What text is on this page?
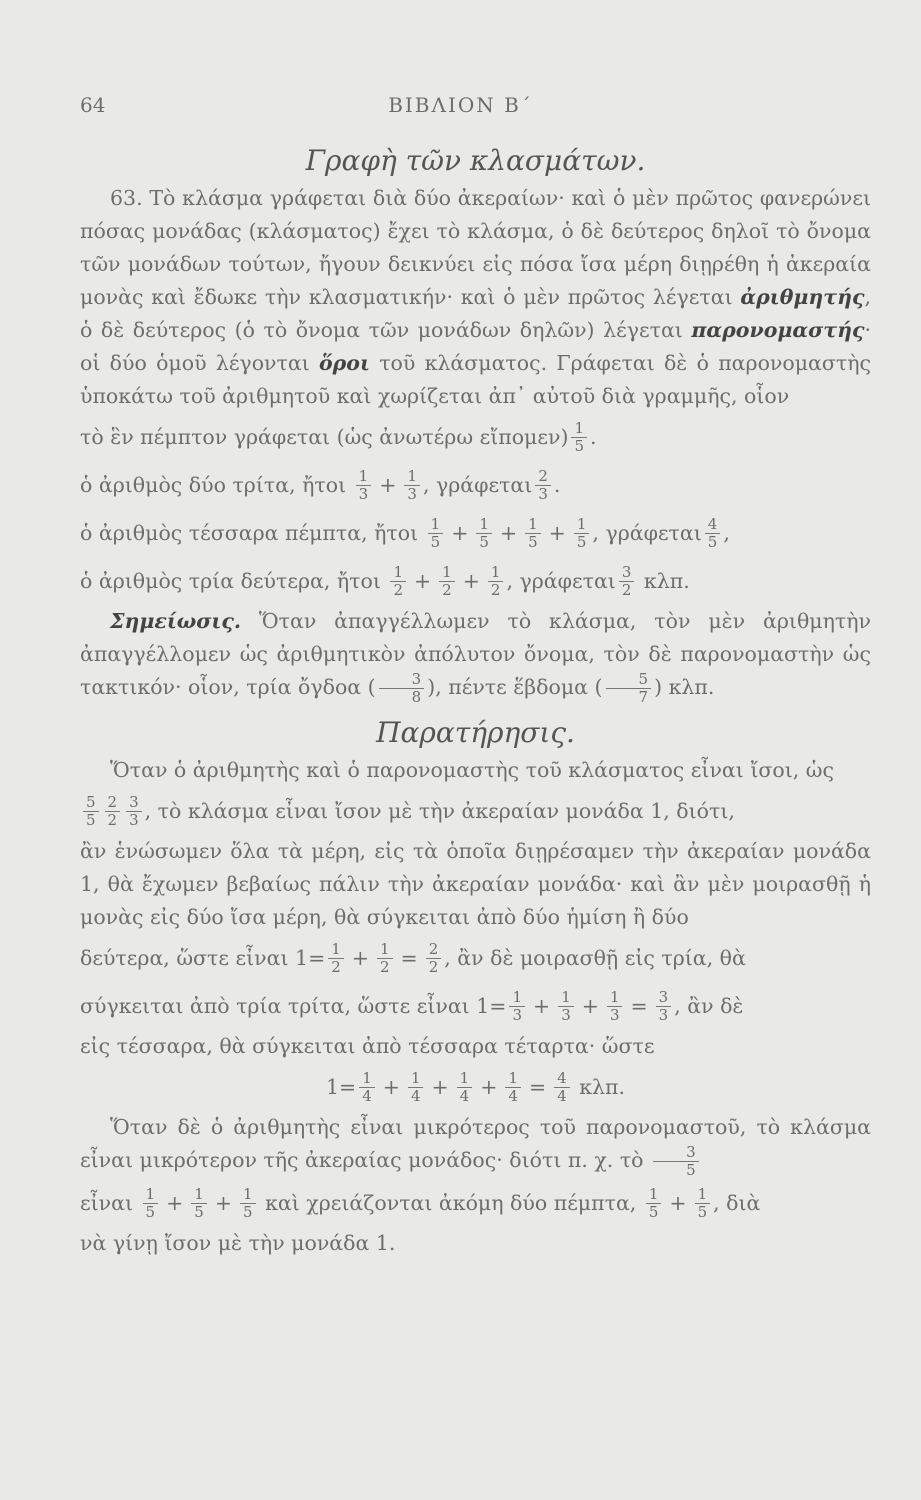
64	ΒΙΒΛΙΟΝ Β΄
Γραφὴ τῶν κλασμάτων.

63. Τὸ κλάσμα γράφεται διὰ δύο ἀκεραίων· καὶ ὁ μὲν πρῶτος φανερώνει πόσας μονάδας (κλάσματος) ἔχει τὸ κλάσμα, ὁ δὲ δεύτερος δηλοῖ τὸ ὄνομα τῶν μονάδων τούτων, ἤγουν δεικνύει εἰς πόσα ἴσα μέρη διῃρέθη ἡ ἀκεραία μονὰς καὶ ἔδωκε τὴν κλασματικήν· καὶ ὁ μὲν πρῶτος λέγεται ἀριθμητής, ὁ δὲ δεύτερος (ὁ τὸ ὄνομα τῶν μονάδων δηλῶν) λέγεται παρονομαστής· οἱ δύο ὁμοῦ λέγονται ὅροι τοῦ κλάσματος. Γράφεται δὲ ὁ παρονομαστὴς ὑποκάτω τοῦ ἀριθμητοῦ καὶ χωρίζεται ἀπ᾽ αὐτοῦ διὰ γραμμῆς, οἷον

τὸ ἓν πέμπτον γράφεται (ὡς ἀνωτέρω εἴπομεν) $\frac{1}{5}$ .
ὁ ἀριθμὸς δύο τρίτα, ἤτοι
$\frac{1}{3} + \frac{1}{3}$ , γράφεται $\frac{2}{3}$ .
ὁ ἀριθμὸς τέσσαρα πέμπτα, ἤτοι
$\frac{1}{5} + \frac{1}{5} + \frac{1}{5} + \frac{1}{5}$ , γράφεται $\frac{4}{5}$ ,
ὁ ἀριθμὸς τρία δεύτερα, ἤτοι
$\frac{1}{2} + \frac{1}{2} + \frac{1}{2}$ , γράφεται $\frac{3}{2}$
κλπ.

Σημείωσις. Ὅταν ἀπαγγέλλωμεν τὸ κλάσμα, τὸν μὲν ἀριθμητὴν ἀπαγγέλλομεν ὡς ἀριθμητικὸν ἀπόλυτον ὄνομα, τὸν δὲ παρονομαστὴν ὡς τακτικόν· οἷον, τρία ὄγδοα ( $\frac{3}{8}$ ), πέντε ἕβδομα ( $\frac{5}{7}$ ) κλπ.

Παρατήρησις.

Ὅταν ὁ ἀριθμητὴς καὶ ὁ παρονομαστὴς τοῦ κλάσματος εἶναι ἴσοι, ὡς

$\frac{5}{5} \frac{2}{2} \frac{3}{3}$ , τὸ κλάσμα εἶναι ἴσον μὲ τὴν ἀκεραίαν μονάδα 1, διότι,

ἂν ἑνώσωμεν ὅλα τὰ μέρη, εἰς τὰ ὁποῖα διῃρέσαμεν τὴν ἀκεραίαν μονάδα 1, θὰ ἔχωμεν βεβαίως πάλιν τὴν ἀκεραίαν μονάδα· καὶ ἂν μὲν μοιρασθῇ ἡ μονὰς εἰς δύο ἴσα μέρη, θὰ σύγκειται ἀπὸ δύο ἡμίση ἢ δύο

δεύτερα, ὥστε εἶναι $1= \frac{1}{2} + \frac{1}{2} = \frac{2}{2}$ , ἂν δὲ μοιρασθῇ εἰς τρία, θὰ
σύγκειται ἀπὸ τρία τρίτα, ὥστε εἶναι $1= \frac{1}{3} + \frac{1}{3} + \frac{1}{3} = \frac{3}{3}$ , ἂν δὲ

εἰς τέσσαρα, θὰ σύγκειται ἀπὸ τέσσαρα τέταρτα· ὥστε

$1= \frac{1}{4} + \frac{1}{4} + \frac{1}{4} + \frac{1}{4} = \frac{4}{4}$
κλπ.

Ὅταν δὲ ὁ ἀριθμητὴς εἶναι μικρότερος τοῦ παρονομαστοῦ, τὸ κλάσμα εἶναι μικρότερον τῆς ἀκεραίας μονάδος· διότι π. χ. τὸ $\frac{3}{5}$

εἶναι
$\frac{1}{5} + \frac{1}{5} + \frac{1}{5}$
καὶ χρειάζονται ἀκόμη δύο πέμπτα,
$\frac{1}{5} + \frac{1}{5}$ , διὰ

νὰ γίνῃ ἴσον μὲ τὴν μονάδα 1.
